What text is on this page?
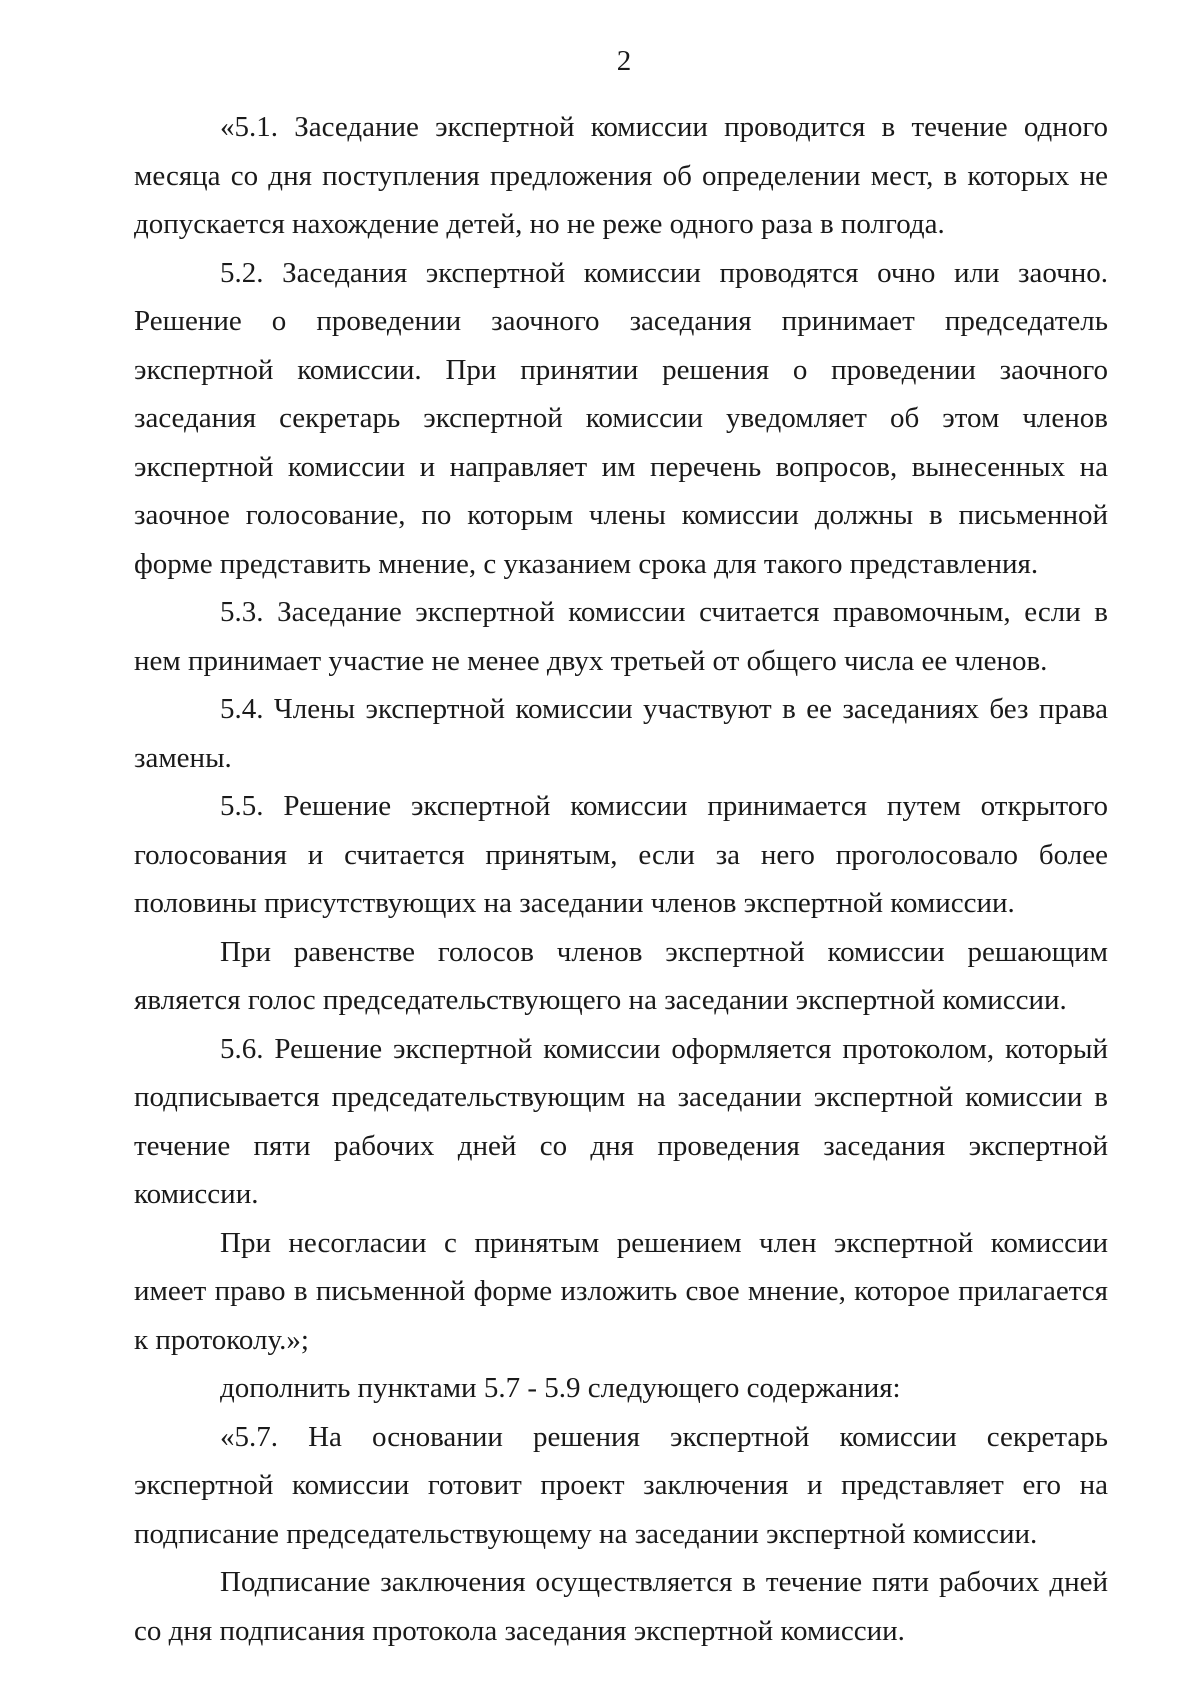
2

«5.1. Заседание экспертной комиссии проводится в течение одного месяца со дня поступления предложения об определении мест, в которых не допускается нахождение детей, но не реже одного раза в полгода.

5.2. Заседания экспертной комиссии проводятся очно или заочно. Решение о проведении заочного заседания принимает председатель экспертной комиссии. При принятии решения о проведении заочного заседания секретарь экспертной комиссии уведомляет об этом членов экспертной комиссии и направляет им перечень вопросов, вынесенных на заочное голосование, по которым члены комиссии должны в письменной форме представить мнение, с указанием срока для такого представления.

5.3. Заседание экспертной комиссии считается правомочным, если в нем принимает участие не менее двух третьей от общего числа ее членов.

5.4. Члены экспертной комиссии участвуют в ее заседаниях без права замены.

5.5. Решение экспертной комиссии принимается путем открытого голосования и считается принятым, если за него проголосовало более половины присутствующих на заседании членов экспертной комиссии.

При равенстве голосов членов экспертной комиссии решающим является голос председательствующего на заседании экспертной комиссии.

5.6. Решение экспертной комиссии оформляется протоколом, который подписывается председательствующим на заседании экспертной комиссии в течение пяти рабочих дней со дня проведения заседания экспертной комиссии.

При несогласии с принятым решением член экспертной комиссии имеет право в письменной форме изложить свое мнение, которое прилагается к протоколу.»;

дополнить пунктами 5.7 - 5.9 следующего содержания:

«5.7. На основании решения экспертной комиссии секретарь экспертной комиссии готовит проект заключения и представляет его на подписание председательствующему на заседании экспертной комиссии.

Подписание заключения осуществляется в течение пяти рабочих дней со дня подписания протокола заседания экспертной комиссии.
